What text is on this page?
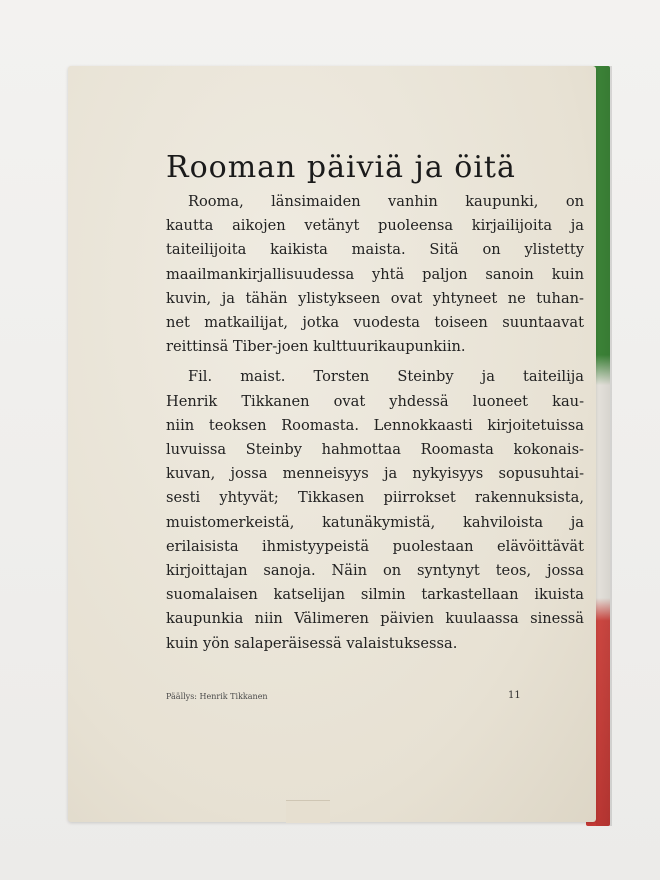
Rooman päiviä ja öitä

Rooma, länsimaiden vanhin kaupunki, on
kautta aikojen vetänyt puoleensa kirjailijoita ja
taiteilijoita kaikista maista. Sitä on ylistetty
maailmankirjallisuudessa yhtä paljon sanoin kuin
kuvin, ja tähän ylistykseen ovat yhtyneet ne tuhan-
net matkailijat, jotka vuodesta toiseen suuntaavat
reittinsä Tiber-joen kulttuurikaupunkiin.

Fil. maist. Torsten Steinby ja taiteilija
Henrik Tikkanen ovat yhdessä luoneet kau-
niin teoksen Roomasta. Lennokkaasti kirjoitetuissa
luvuissa Steinby hahmottaa Roomasta kokonais-
kuvan, jossa menneisyys ja nykyisyys sopusuhtai-
sesti yhtyvät; Tikkasen piirrokset rakennuksista,
muistomerkeistä, katunäkymistä, kahviloista ja
erilaisista ihmistyypeistä puolestaan elävöittävät
kirjoittajan sanoja. Näin on syntynyt teos, jossa
suomalaisen katselijan silmin tarkastellaan ikuista
kaupunkia niin Välimeren päivien kuulaassa sinessä
kuin yön salaperäisessä valaistuksessa.

Päällys: Henrik Tikkanen	11
